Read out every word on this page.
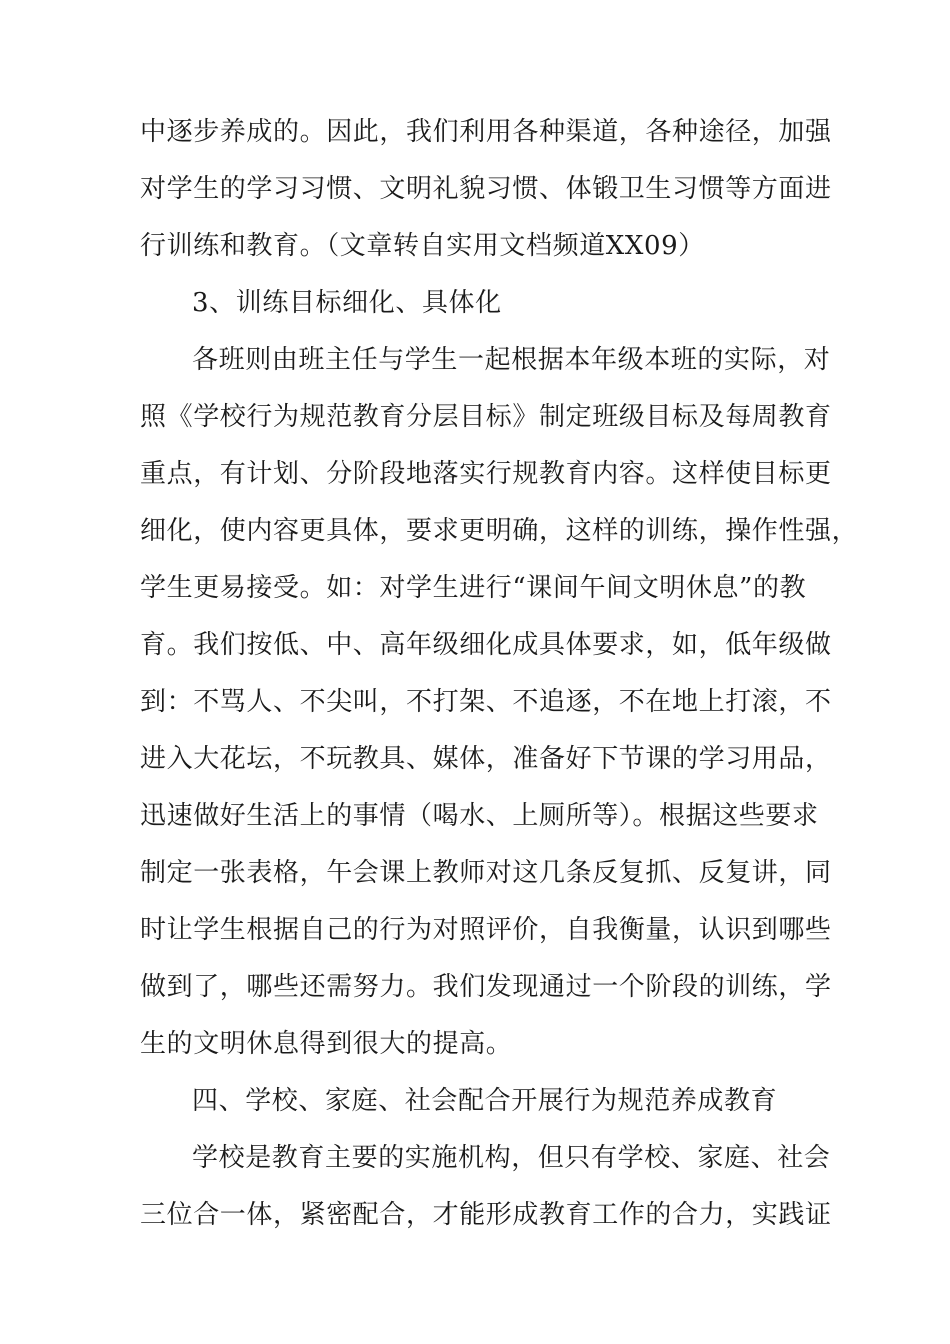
中逐步养成的。因此，我们利用各种渠道，各种途径，加强
对学生的学习习惯、文明礼貌习惯、体锻卫生习惯等方面进
行训练和教育。（文章转自实用文档频道XX09）
3、训练目标细化、具体化
各班则由班主任与学生一起根据本年级本班的实际，对
照《学校行为规范教育分层目标》制定班级目标及每周教育
重点，有计划、分阶段地落实行规教育内容。这样使目标更
细化，使内容更具体，要求更明确，这样的训练，操作性强，
学生更易接受。如：对学生进行“课间午间文明休息”的教
育。我们按低、中、高年级细化成具体要求，如，低年级做
到：不骂人、不尖叫，不打架、不追逐，不在地上打滚，不
进入大花坛，不玩教具、媒体，准备好下节课的学习用品，
迅速做好生活上的事情（喝水、上厕所等）。根据这些要求
制定一张表格，午会课上教师对这几条反复抓、反复讲，同
时让学生根据自己的行为对照评价，自我衡量，认识到哪些
做到了，哪些还需努力。我们发现通过一个阶段的训练，学
生的文明休息得到很大的提高。
四、学校、家庭、社会配合开展行为规范养成教育
学校是教育主要的实施机构，但只有学校、家庭、社会
三位合一体，紧密配合，才能形成教育工作的合力，实践证
